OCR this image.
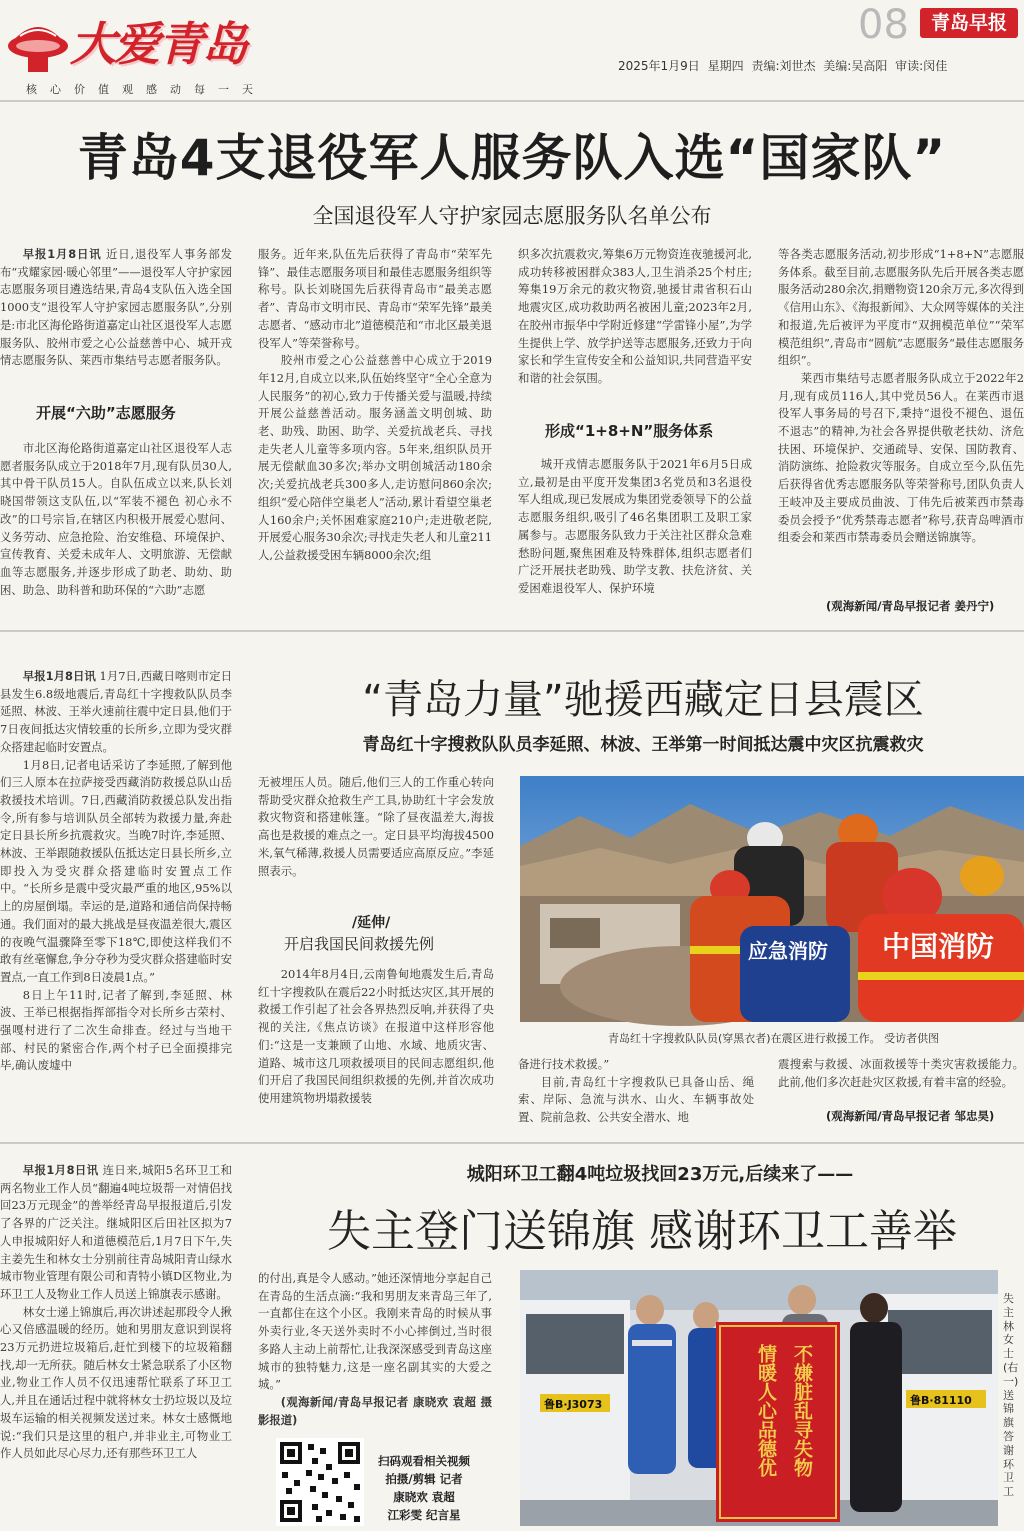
大爱青岛
核心价值观感动每一天
08	青岛早报
2025年1月9日 星期四 责编:刘世杰 美编:吴高阳 审读:闵佳
青岛4支退役军人服务队入选“国家队”
全国退役军人守护家园志愿服务队名单公布

早报1月8日讯 近日,退役军人事务部发布“戎耀家园·暖心邻里”——退役军人守护家园志愿服务项目遴选结果,青岛4支队伍入选全国1000支“退役军人守护家园志愿服务队”,分别是:市北区海伦路街道嘉定山社区退役军人志愿服务队、胶州市爱之心公益慈善中心、城开戎情志愿服务队、莱西市集结号志愿者服务队。

开展“六助”志愿服务

市北区海伦路街道嘉定山社区退役军人志愿者服务队成立于2018年7月,现有队员30人,其中骨干队员15人。自队伍成立以来,队长刘晓国带领这支队伍,以“军装不褪色 初心永不改”的口号宗旨,在辖区内积极开展爱心慰问、义务劳动、应急抢险、治安维稳、环境保护、宣传教育、关爱未成年人、文明旅游、无偿献血等志愿服务,并逐步形成了助老、助幼、助困、助急、助科普和助环保的“六助”志愿

服务。近年来,队伍先后获得了青岛市“荣军先锋”、最佳志愿服务项目和最佳志愿服务组织等称号。队长刘晓国先后获得青岛市“最美志愿者”、青岛市文明市民、青岛市“荣军先锋”最美志愿者、“感动市北”道德模范和“市北区最美退役军人”等荣誉称号。

胶州市爱之心公益慈善中心成立于2019年12月,自成立以来,队伍始终坚守“全心全意为人民服务”的初心,致力于传播关爱与温暖,持续开展公益慈善活动。服务涵盖文明创城、助老、助残、助困、助学、关爱抗战老兵、寻找走失老人儿童等多项内容。5年来,组织队员开展无偿献血30多次;举办文明创城活动180余次;关爱抗战老兵300多人,走访慰问860余次;组织“爱心陪伴空巢老人”活动,累计看望空巢老人160余户;关怀困难家庭210户;走进敬老院,开展爱心服务30余次;寻找走失老人和儿童211人,公益救援受困车辆8000余次;组

织多次抗震救灾,筹集6万元物资连夜驰援河北,成功转移被困群众383人,卫生消杀25个村庄;筹集19万余元的救灾物资,驰援甘肃省积石山地震灾区,成功救助两名被困儿童;2023年2月,在胶州市振华中学附近修建“学雷锋小屋”,为学生提供上学、放学护送等志愿服务,还致力于向家长和学生宣传安全和公益知识,共同营造平安和谐的社会氛围。

形成“1+8+N”服务体系

城开戎情志愿服务队于2021年6月5日成立,最初是由平度开发集团3名党员和3名退役军人组成,现已发展成为集团党委领导下的公益志愿服务组织,吸引了46名集团职工及职工家属参与。志愿服务队致力于关注社区群众急难愁盼问题,聚焦困难及特殊群体,组织志愿者们广泛开展扶老助残、助学支教、扶危济贫、关爱困难退役军人、保护环境

等各类志愿服务活动,初步形成“1+8+N”志愿服务体系。截至目前,志愿服务队先后开展各类志愿服务活动280余次,捐赠物资120余万元,多次得到《信用山东》、《海报新闻》、大众网等媒体的关注和报道,先后被评为平度市“双拥模范单位”“荣军模范组织”,青岛市“圆航”志愿服务“最佳志愿服务组织”。

莱西市集结号志愿者服务队成立于2022年2月,现有成员116人,其中党员56人。在莱西市退役军人事务局的号召下,秉持“退役不褪色、退伍不退志”的精神,为社会各界提供敬老扶幼、济危扶困、环境保护、交通疏导、安保、国防教育、消防演练、抢险救灾等服务。自成立至今,队伍先后获得省优秀志愿服务队等荣誉称号,团队负责人王岐冲及主要成员曲波、丁伟先后被莱西市禁毒委员会授予“优秀禁毒志愿者”称号,获青岛啤酒市组委会和莱西市禁毒委员会赠送锦旗等。

(观海新闻/青岛早报记者 姜丹宁)
“青岛力量”驰援西藏定日县震区
青岛红十字搜救队队员李延照、林波、王举第一时间抵达震中灾区抗震救灾

早报1月8日讯 1月7日,西藏日喀则市定日县发生6.8级地震后,青岛红十字搜救队队员李延照、林波、王举火速前往震中定日县,他们于7日夜间抵达灾情较重的长所乡,立即为受灾群众搭建起临时安置点。

1月8日,记者电话采访了李延照,了解到他们三人原本在拉萨接受西藏消防救援总队山岳救援技术培训。7日,西藏消防救援总队发出指令,所有参与培训队员全部转为救援力量,奔赴定日县长所乡抗震救灾。当晚7时许,李延照、林波、王举跟随救援队伍抵达定日县长所乡,立即投入为受灾群众搭建临时安置点工作中。“长所乡是震中受灾最严重的地区,95%以上的房屋倒塌。幸运的是,道路和通信尚保持畅通。我们面对的最大挑战是昼夜温差很大,震区的夜晚气温骤降至零下18℃,即使这样我们不敢有丝毫懈怠,争分夺秒为受灾群众搭建临时安置点,一直工作到8日凌晨1点。”

8日上午11时,记者了解到,李延照、林波、王举已根据指挥部指令对长所乡古荣村、强嘎村进行了二次生命排查。经过与当地干部、村民的紧密合作,两个村子已全面摸排完毕,确认废墟中

无被埋压人员。随后,他们三人的工作重心转向帮助受灾群众抢救生产工具,协助红十字会发放救灾物资和搭建帐篷。“除了昼夜温差大,海拔高也是救援的难点之一。定日县平均海拔4500米,氧气稀薄,救援人员需要适应高原反应。”李延照表示。

/延伸/
开启我国民间救援先例

2014年8月4日,云南鲁甸地震发生后,青岛红十字搜救队在震后22小时抵达灾区,其开展的救援工作引起了社会各界热烈反响,并获得了央视的关注,《焦点访谈》在报道中这样形容他们:“这是一支兼顾了山地、水域、地质灾害、道路、城市这几项救援项目的民间志愿组织,他们开启了我国民间组织救援的先例,并首次成功使用建筑物坍塌救援装

应急消防 中国消防
青岛红十字搜救队队员(穿黑衣者)在震区进行救援工作。 受访者供图

备进行技术救援。”

目前,青岛红十字搜救队已具备山岳、绳索、岸际、急流与洪水、山火、车辆事故处置、院前急救、公共安全潜水、地

震搜索与救援、冰面救援等十类灾害救援能力。此前,他们多次赶赴灾区救援,有着丰富的经验。

(观海新闻/青岛早报记者 邹忠昊)
城阳环卫工翻4吨垃圾找回23万元,后续来了——
失主登门送锦旗 感谢环卫工善举

早报1月8日讯 连日来,城阳5名环卫工和两名物业工作人员“翻遍4吨垃圾帮一对情侣找回23万元现金”的善举经青岛早报报道后,引发了各界的广泛关注。继城阳区后田社区拟为7人申报城阳好人和道德模范后,1月7日下午,失主姜先生和林女士分别前往青岛城阳青山绿水城市物业管理有限公司和青特小镇D区物业,为环卫工人及物业工作人员送上锦旗表示感谢。

林女士递上锦旗后,再次讲述起那段令人揪心又倍感温暖的经历。她和男朋友意识到误将23万元扔进垃圾箱后,赶忙到楼下的垃圾箱翻找,却一无所获。随后林女士紧急联系了小区物业,物业工作人员不仅迅速帮忙联系了环卫工人,并且在通话过程中就将林女士扔垃圾以及垃圾车运输的相关视频发送过来。林女士感慨地说:“我们只是这里的租户,并非业主,可物业工作人员如此尽心尽力,还有那些环卫工人

的付出,真是令人感动。”她还深情地分享起自己在青岛的生活点滴:“我和男朋友来青岛三年了,一直都住在这个小区。我刚来青岛的时候从事外卖行业,冬天送外卖时不小心摔倒过,当时很多路人主动上前帮忙,让我深深感受到青岛这座城市的独特魅力,这是一座名副其实的大爱之城。”

(观海新闻/青岛早报记者 康晓欢 袁超 摄影报道)

扫码观看相关视频
拍摄/剪辑 记者
康晓欢 袁超
江彩雯 纪言星
鲁B·J3073	鲁B·81110
不嫌脏乱寻失物
情暖人心品德优
失主林女士(右一)送锦旗答谢环卫工
